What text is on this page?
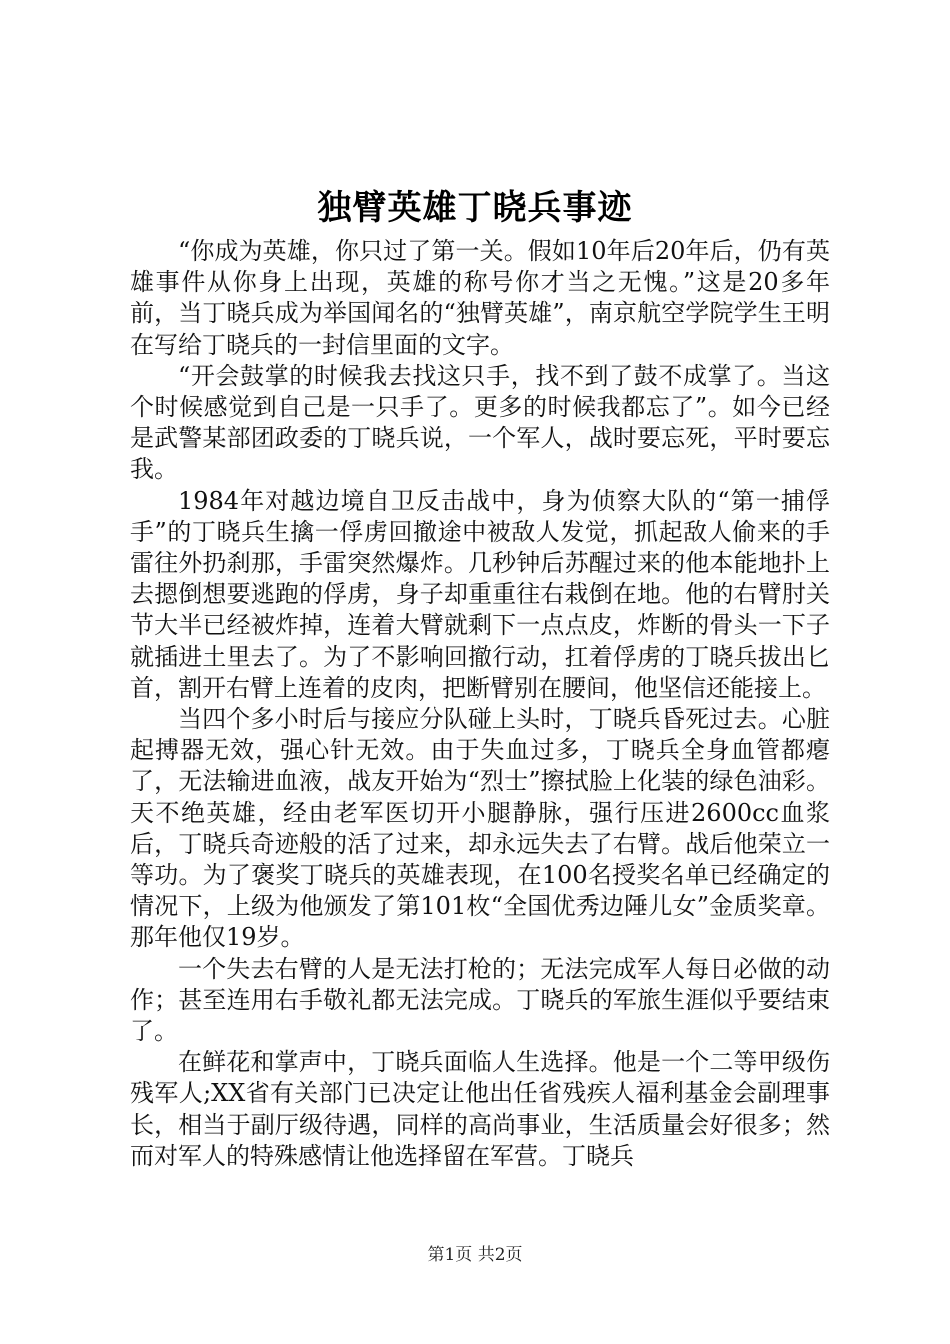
独臂英雄丁晓兵事迹

“你成为英雄，你只过了第一关。假如10年后20年后，仍有英雄事件从你身上出现，英雄的称号你才当之无愧。”这是20多年前，当丁晓兵成为举国闻名的“独臂英雄”，南京航空学院学生王明在写给丁晓兵的一封信里面的文字。

“开会鼓掌的时候我去找这只手，找不到了鼓不成掌了。当这个时候感觉到自己是一只手了。更多的时候我都忘了”。如今已经是武警某部团政委的丁晓兵说，一个军人，战时要忘死，平时要忘我。

1984年对越边境自卫反击战中，身为侦察大队的“第一捕俘手”的丁晓兵生擒一俘虏回撤途中被敌人发觉，抓起敌人偷来的手雷往外扔刹那，手雷突然爆炸。几秒钟后苏醒过来的他本能地扑上去摁倒想要逃跑的俘虏，身子却重重往右栽倒在地。他的右臂肘关节大半已经被炸掉，连着大臂就剩下一点点皮，炸断的骨头一下子就插进土里去了。为了不影响回撤行动，扛着俘虏的丁晓兵拔出匕首，割开右臂上连着的皮肉，把断臂别在腰间，他坚信还能接上。

当四个多小时后与接应分队碰上头时，丁晓兵昏死过去。心脏起搏器无效，强心针无效。由于失血过多，丁晓兵全身血管都瘪了，无法输进血液，战友开始为“烈士”擦拭脸上化装的绿色油彩。天不绝英雄，经由老军医切开小腿静脉，强行压进2600cc血浆后，丁晓兵奇迹般的活了过来，却永远失去了右臂。战后他荣立一等功。为了褒奖丁晓兵的英雄表现，在100名授奖名单已经确定的情况下，上级为他颁发了第101枚“全国优秀边陲儿女”金质奖章。那年他仅19岁。

一个失去右臂的人是无法打枪的；无法完成军人每日必做的动作；甚至连用右手敬礼都无法完成。丁晓兵的军旅生涯似乎要结束了。

在鲜花和掌声中，丁晓兵面临人生选择。他是一个二等甲级伤残军人;XX省有关部门已决定让他出任省残疾人福利基金会副理事长，相当于副厅级待遇，同样的高尚事业，生活质量会好很多；然而对军人的特殊感情让他选择留在军营。丁晓兵

第1页 共2页
